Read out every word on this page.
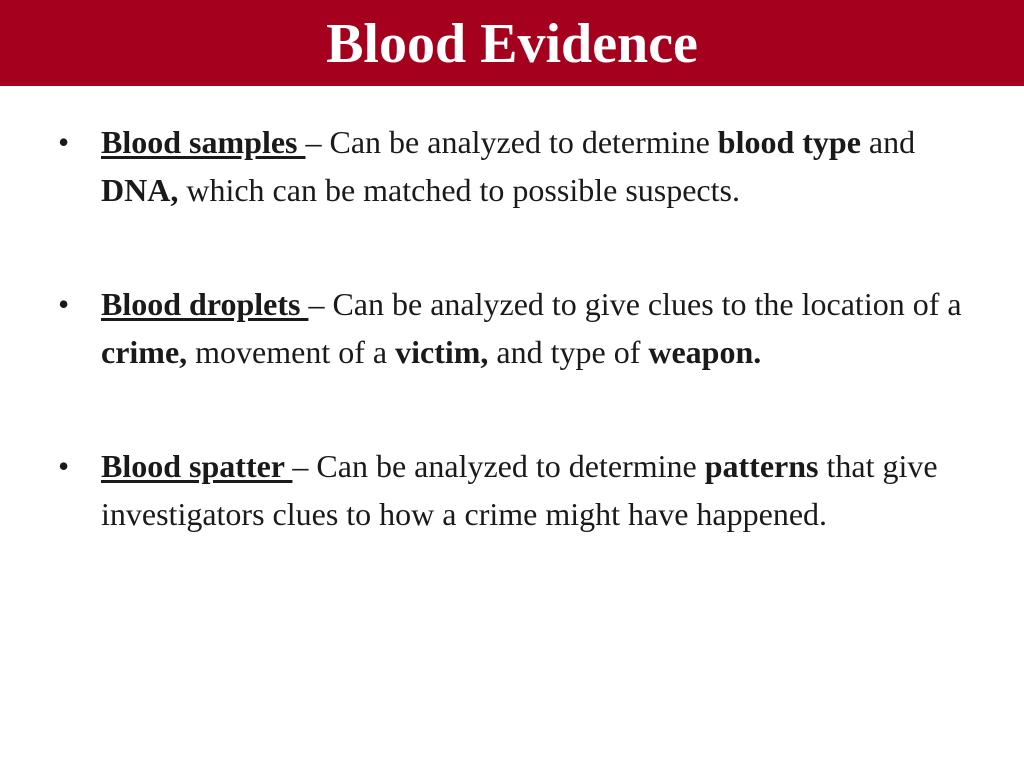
Blood Evidence
• Blood samples – Can be analyzed to determine blood type and DNA, which can be matched to possible suspects.
• Blood droplets – Can be analyzed to give clues to the location of a crime, movement of a victim, and type of weapon.
• Blood spatter – Can be analyzed to determine patterns that give investigators clues to how a crime might have happened.
